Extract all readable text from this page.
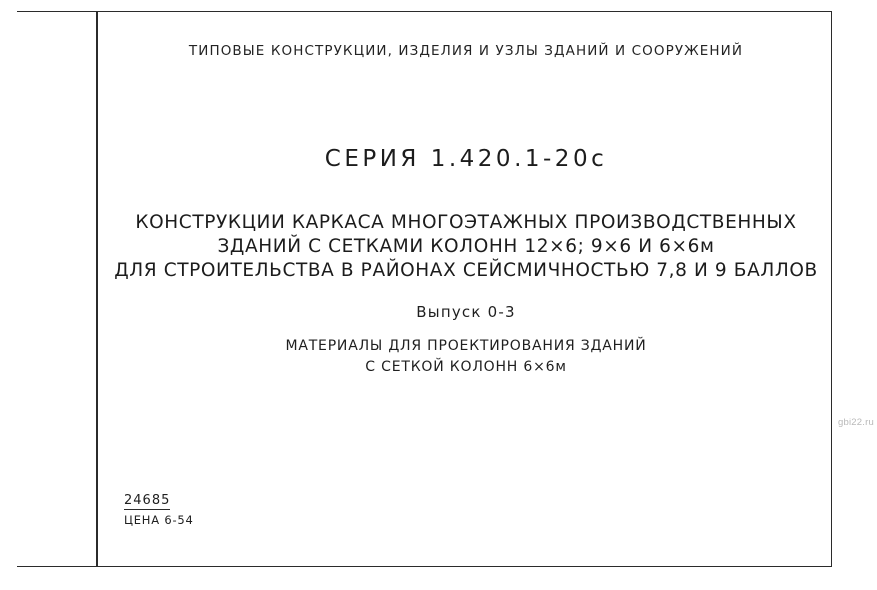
ТИПОВЫЕ КОНСТРУКЦИИ, ИЗДЕЛИЯ И УЗЛЫ ЗДАНИЙ И СООРУЖЕНИЙ
СЕРИЯ 1.420.1-20с
КОНСТРУКЦИИ КАРКАСА МНОГОЭТАЖНЫХ ПРОИЗВОДСТВЕННЫХ
ЗДАНИЙ С СЕТКАМИ КОЛОНН 12×6; 9×6 И 6×6м
ДЛЯ СТРОИТЕЛЬСТВА В РАЙОНАХ СЕЙСМИЧНОСТЬЮ 7,8 И 9 БАЛЛОВ
Выпуск 0-3
МАТЕРИАЛЫ ДЛЯ ПРОЕКТИРОВАНИЯ ЗДАНИЙ
С СЕТКОЙ КОЛОНН 6×6м
24685
ЦЕНА 6-54
gbi22.ru
